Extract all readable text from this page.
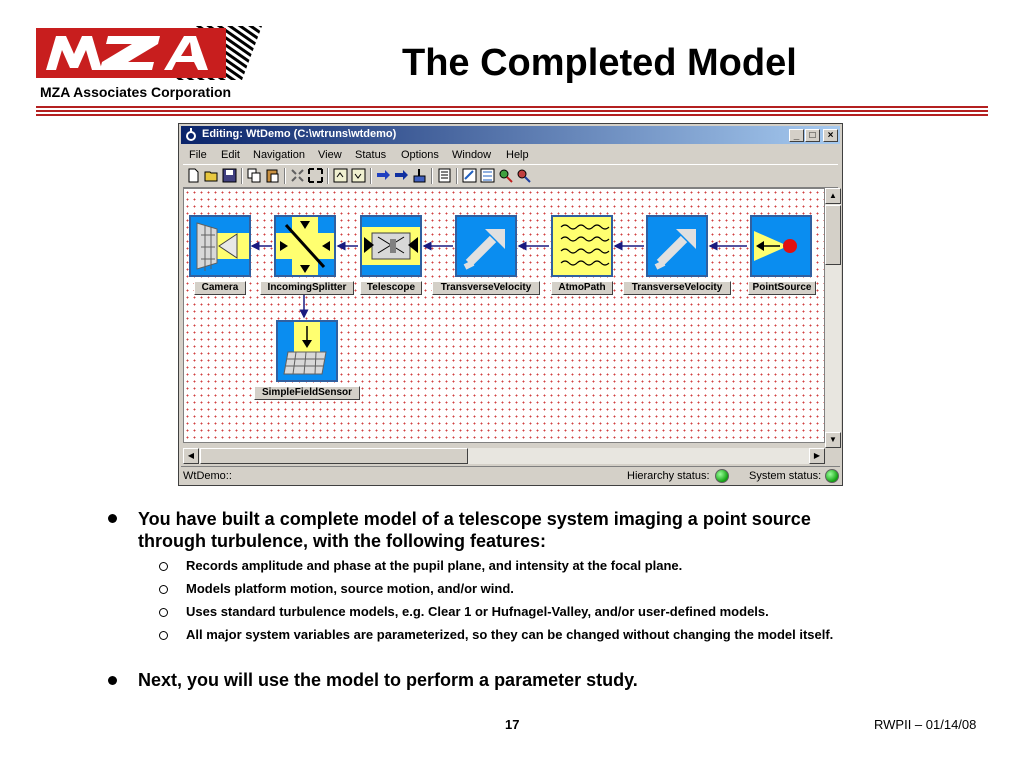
MZA Associates Corporation
The Completed Model
Editing: WtDemo (C:\wtruns\wtdemo)	_	□	×
File Edit Navigation View Status Options Window Help
Camera	IncomingSplitter	Telescope	TransverseVelocity	AtmoPath	TransverseVelocity	PointSource
SimpleFieldSensor
▲
▼
◀	▶
WtDemo::	Hierarchy status:	System status:
You have built a complete model of a telescope system imaging a point source through turbulence, with the following features:
Records amplitude and phase at the pupil plane, and intensity at the focal plane.
Models platform motion, source motion, and/or wind.
Uses standard turbulence models, e.g. Clear 1 or Hufnagel-Valley, and/or user-defined models.
All major system variables are parameterized, so they can be changed without changing the model itself.
Next, you will use the model to perform a parameter study.
17	RWPII – 01/14/08
